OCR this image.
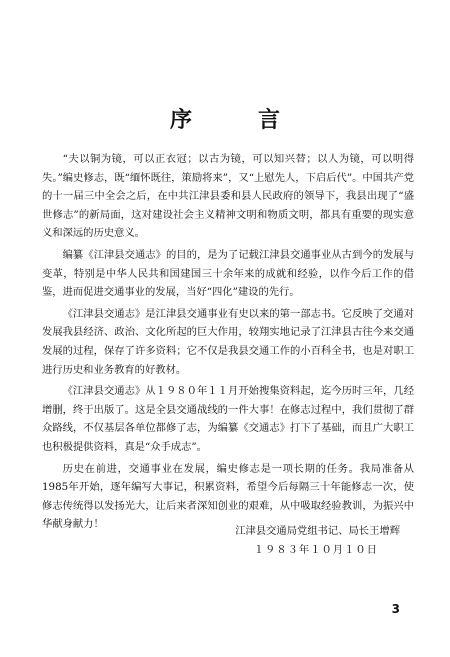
序　言

“夫以铜为镜，可以正衣冠；以古为镜，可以知兴替；以人为镜，可以明得失。”编史修志，既“缅怀既往，策励将来”，又“上慰先人，下启后代”。中国共产党的十一届三中全会之后，在中共江津县委和县人民政府的领导下，我县出现了“盛世修志”的新局面，这对建设社会主义精神文明和物质文明，都具有重要的现实意义和深远的历史意义。

编纂《江津县交通志》的目的，是为了记载江津县交通事业从古到今的发展与变革，特别是中华人民共和国建国三十余年来的成就和经验，以作今后工作的借鉴，进而促进交通事业的发展，当好“四化”建设的先行。

《江津县交通志》是江津县交通事业有史以来的第一部志书。它反映了交通对发展我县经济、政治、文化所起的巨大作用，较翔实地记录了江津县古往今来交通发展的过程，保存了许多资料；它不仅是我县交通工作的小百科全书，也是对职工进行历史和业务教育的好教材。

《江津县交通志》从１９８０年１１月开始搜集资料起，迄今历时三年，几经增删，终于出版了。这是全县交通战线的一件大事！在修志过程中，我们贯彻了群众路线，不仅基层各单位都修了志，为编纂《交通志》打下了基础，而且广大职工也积极提供资料，真是“众手成志”。

历史在前进，交通事业在发展，编史修志是一项长期的任务。我局准备从1985年开始，逐年编写大事记，积累资料，希望今后每隔三十年能修志一次，使修志传统得以发扬光大，让后来者深知创业的艰难，从中吸取经验教训，为振兴中华献身献力！

江津县交通局党组书记、局长王增辉
１９８３年１０月１０日
3
